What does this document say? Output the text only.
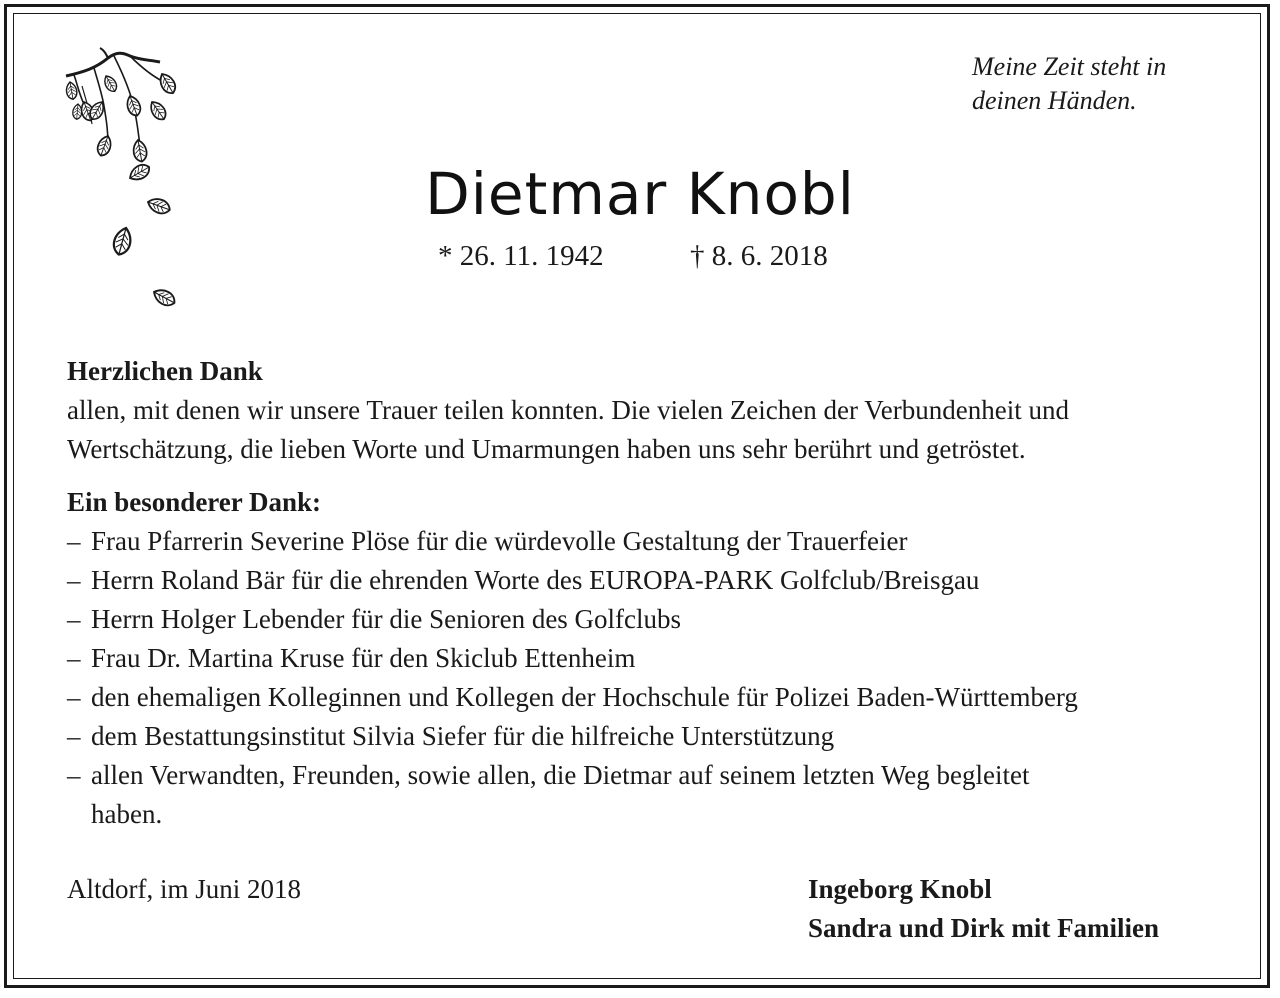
Meine Zeit steht in
deinen Händen.
Dietmar Knobl
* 26. 11. 1942	† 8. 6. 2018
Herzlichen Dank
allen, mit denen wir unsere Trauer teilen konnten. Die vielen Zeichen der Verbundenheit und
Wertschätzung, die lieben Worte und Umarmungen haben uns sehr berührt und getröstet.
Ein besonderer Dank:
– Frau Pfarrerin Severine Plöse für die würdevolle Gestaltung der Trauerfeier
– Herrn Roland Bär für die ehrenden Worte des EUROPA-PARK Golfclub/Breisgau
– Herrn Holger Lebender für die Senioren des Golfclubs
– Frau Dr. Martina Kruse für den Skiclub Ettenheim
– den ehemaligen Kolleginnen und Kollegen der Hochschule für Polizei Baden-Württemberg
– dem Bestattungsinstitut Silvia Siefer für die hilfreiche Unterstützung
– allen Verwandten, Freunden, sowie allen, die Dietmar auf seinem letzten Weg begleitet
haben.
Altdorf, im Juni 2018	Ingeborg Knobl
Sandra und Dirk mit Familien
